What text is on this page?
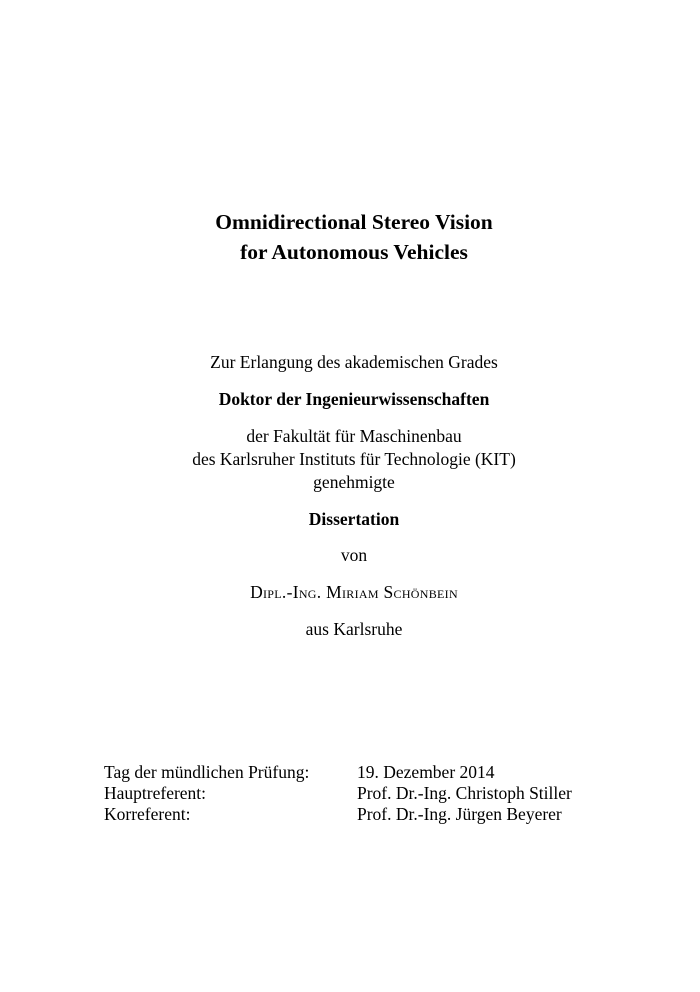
Omnidirectional Stereo Vision
for Autonomous Vehicles
Zur Erlangung des akademischen Grades
Doktor der Ingenieurwissenschaften
der Fakultät für Maschinenbau
des Karlsruher Instituts für Technologie (KIT)
genehmigte
Dissertation
von
Dipl.-Ing. Miriam Schönbein
aus Karlsruhe
Tag der mündlichen Prüfung:	19. Dezember 2014
Hauptreferent:	Prof. Dr.-Ing. Christoph Stiller
Korreferent:	Prof. Dr.-Ing. Jürgen Beyerer
